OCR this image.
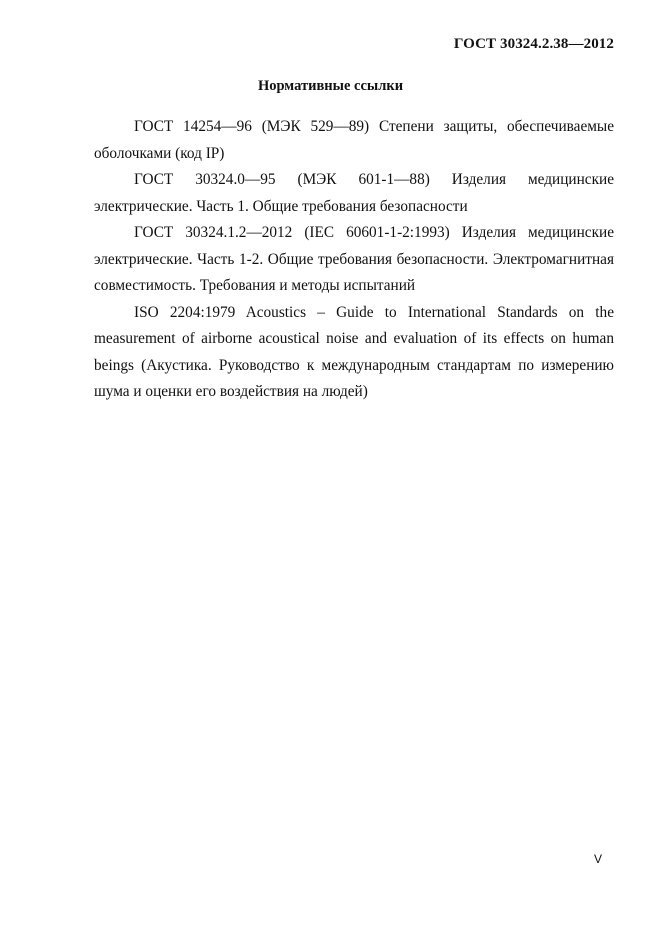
ГОСТ 30324.2.38—2012
Нормативные ссылки
ГОСТ 14254—96 (МЭК 529—89) Степени защиты, обеспечиваемые оболочками (код IP)
ГОСТ 30324.0—95 (МЭК 601-1—88) Изделия медицинские электрические. Часть 1. Общие требования безопасности
ГОСТ 30324.1.2—2012 (IEC 60601-1-2:1993) Изделия медицинские электрические. Часть 1-2. Общие требования безопасности. Электромагнитная совместимость. Требования и методы испытаний
ISO 2204:1979 Acoustics – Guide to International Standards on the measurement of airborne acoustical noise and evaluation of its effects on human beings (Акустика. Руководство к международным стандартам по измерению шума и оценки его воздействия на людей)
V
